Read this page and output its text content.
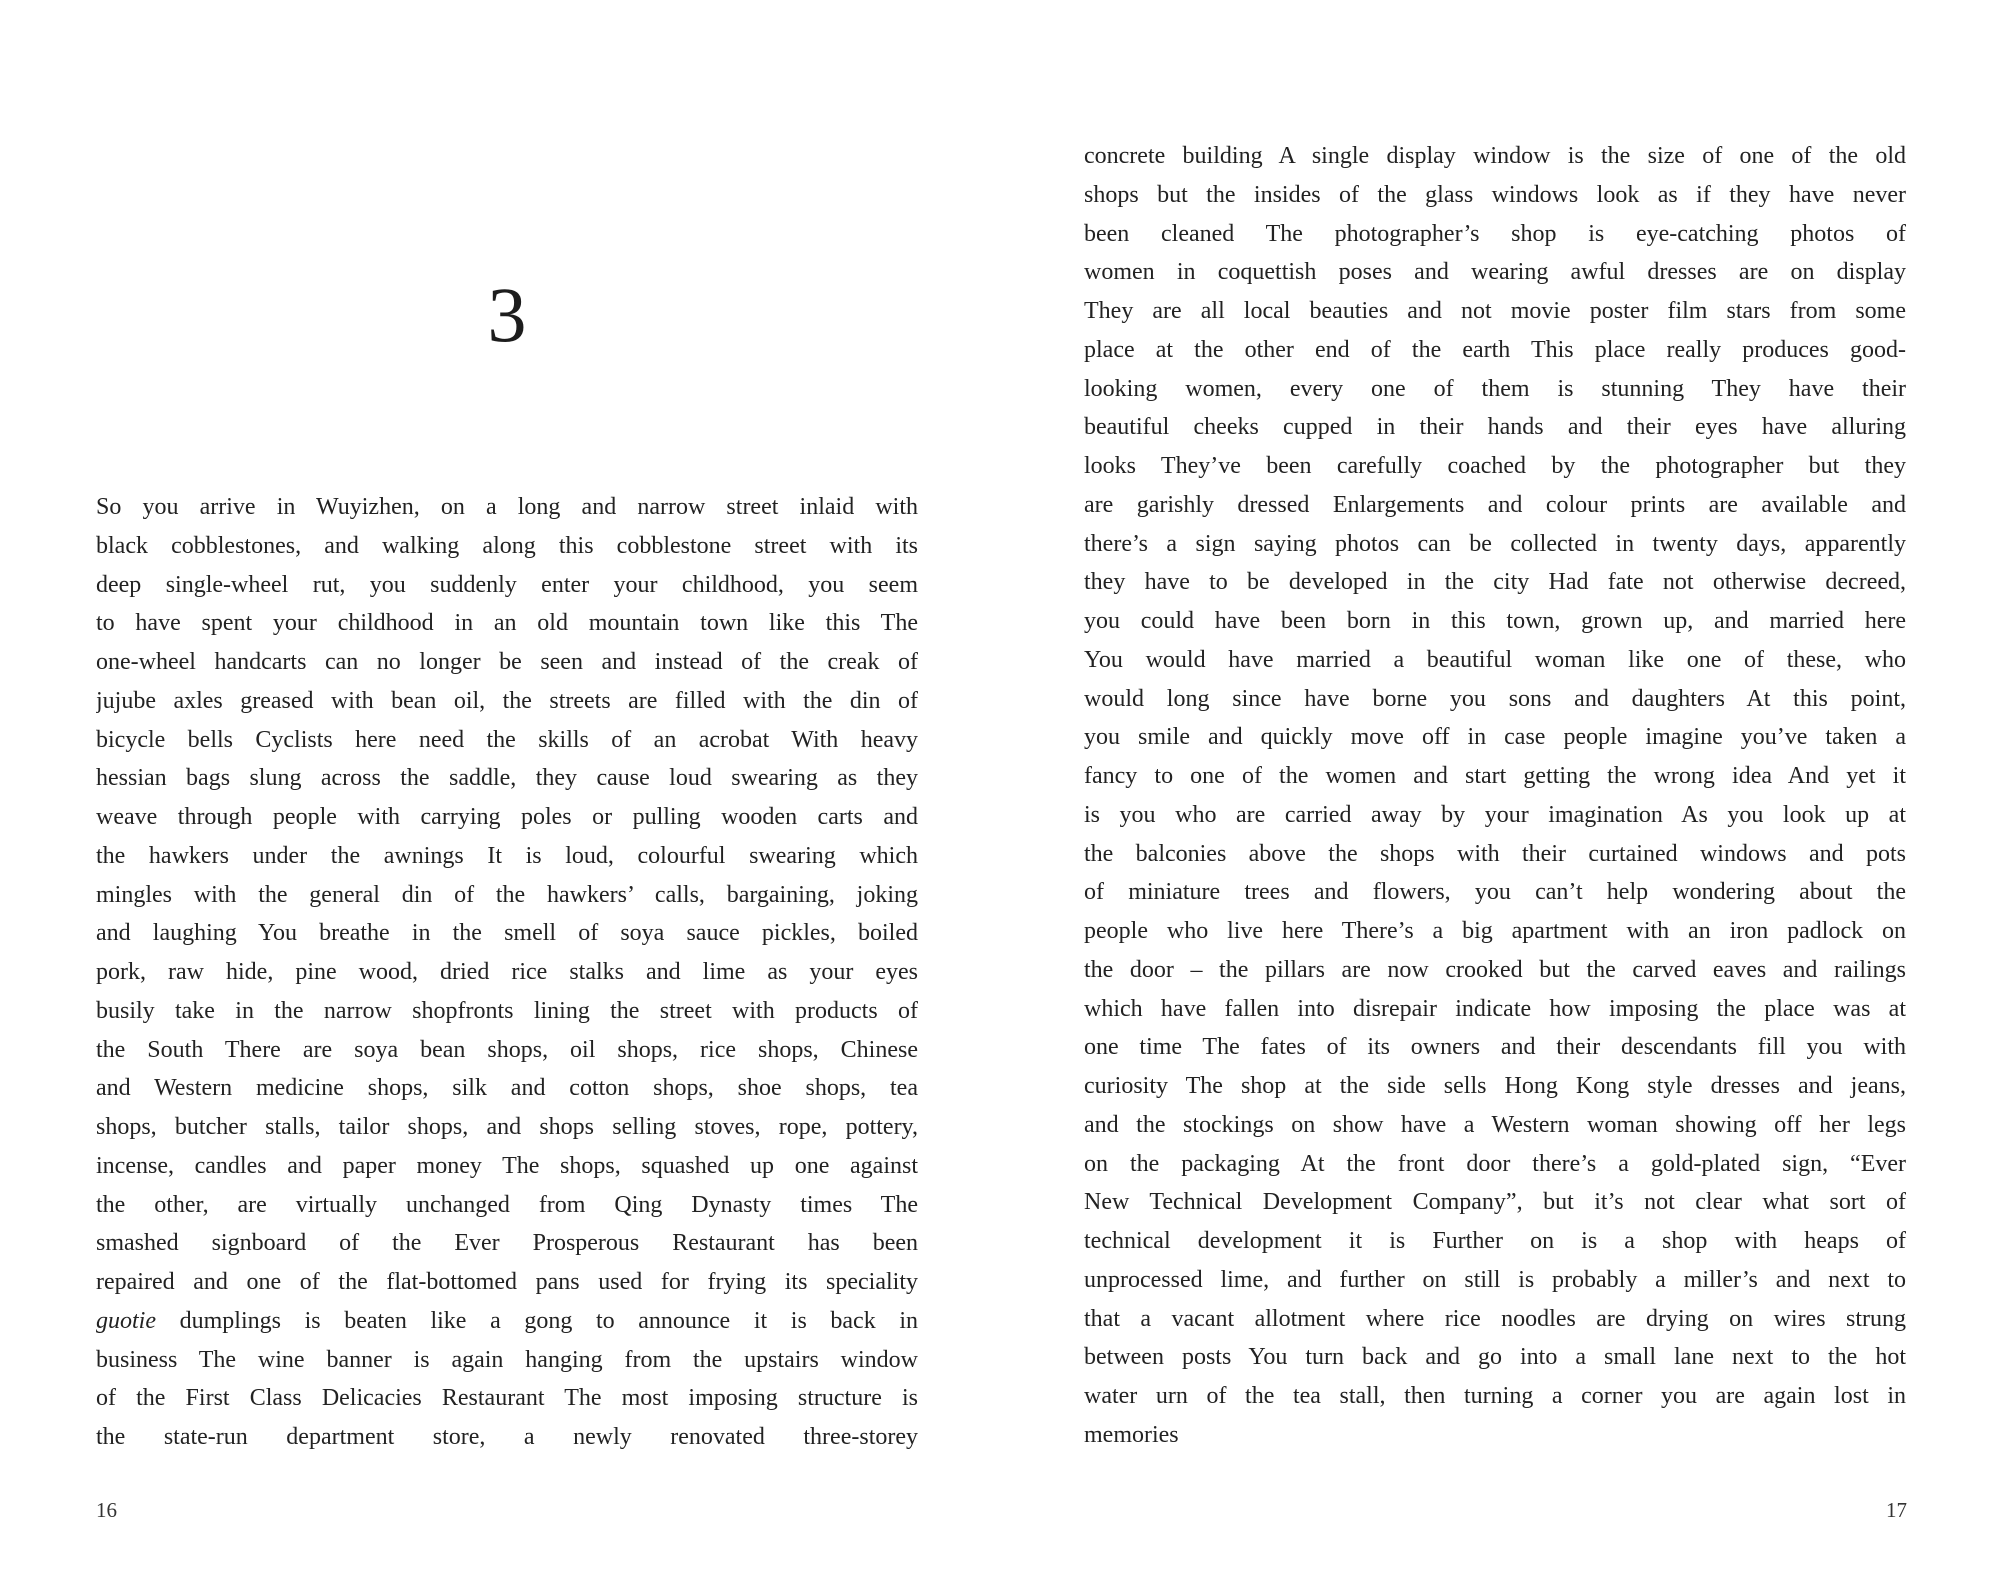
3
So you arrive in Wuyizhen, on a long and narrow street inlaid with
black cobblestones, and walking along this cobblestone street with its
deep single-wheel rut, you suddenly enter your childhood, you seem
to have spent your childhood in an old mountain town like this The
one-wheel handcarts can no longer be seen and instead of the creak of
jujube axles greased with bean oil, the streets are filled with the din of
bicycle bells Cyclists here need the skills of an acrobat With heavy
hessian bags slung across the saddle, they cause loud swearing as they
weave through people with carrying poles or pulling wooden carts and
the hawkers under the awnings It is loud, colourful swearing which
mingles with the general din of the hawkers’ calls, bargaining, joking
and laughing You breathe in the smell of soya sauce pickles, boiled
pork, raw hide, pine wood, dried rice stalks and lime as your eyes
busily take in the narrow shopfronts lining the street with products of
the South There are soya bean shops, oil shops, rice shops, Chinese
and Western medicine shops, silk and cotton shops, shoe shops, tea
shops, butcher stalls, tailor shops, and shops selling stoves, rope, pottery,
incense, candles and paper money The shops, squashed up one against
the other, are virtually unchanged from Qing Dynasty times The
smashed signboard of the Ever Prosperous Restaurant has been
repaired and one of the flat-bottomed pans used for frying its speciality
guotie dumplings is beaten like a gong to announce it is back in
business The wine banner is again hanging from the upstairs window
of the First Class Delicacies Restaurant The most imposing structure is
the state-run department store, a newly renovated three-storey
16
concrete building A single display window is the size of one of the old
shops but the insides of the glass windows look as if they have never
been cleaned The photographer’s shop is eye-catching photos of
women in coquettish poses and wearing awful dresses are on display
They are all local beauties and not movie poster film stars from some
place at the other end of the earth This place really produces good-
looking women, every one of them is stunning They have their
beautiful cheeks cupped in their hands and their eyes have alluring
looks They’ve been carefully coached by the photographer but they
are garishly dressed Enlargements and colour prints are available and
there’s a sign saying photos can be collected in twenty days, apparently
they have to be developed in the city Had fate not otherwise decreed,
you could have been born in this town, grown up, and married here
You would have married a beautiful woman like one of these, who
would long since have borne you sons and daughters At this point,
you smile and quickly move off in case people imagine you’ve taken a
fancy to one of the women and start getting the wrong idea And yet it
is you who are carried away by your imagination As you look up at
the balconies above the shops with their curtained windows and pots
of miniature trees and flowers, you can’t help wondering about the
people who live here There’s a big apartment with an iron padlock on
the door – the pillars are now crooked but the carved eaves and railings
which have fallen into disrepair indicate how imposing the place was at
one time The fates of its owners and their descendants fill you with
curiosity The shop at the side sells Hong Kong style dresses and jeans,
and the stockings on show have a Western woman showing off her legs
on the packaging At the front door there’s a gold-plated sign, “Ever
New Technical Development Company”, but it’s not clear what sort of
technical development it is Further on is a shop with heaps of
unprocessed lime, and further on still is probably a miller’s and next to
that a vacant allotment where rice noodles are drying on wires strung
between posts You turn back and go into a small lane next to the hot
water urn of the tea stall, then turning a corner you are again lost in
memories
17
